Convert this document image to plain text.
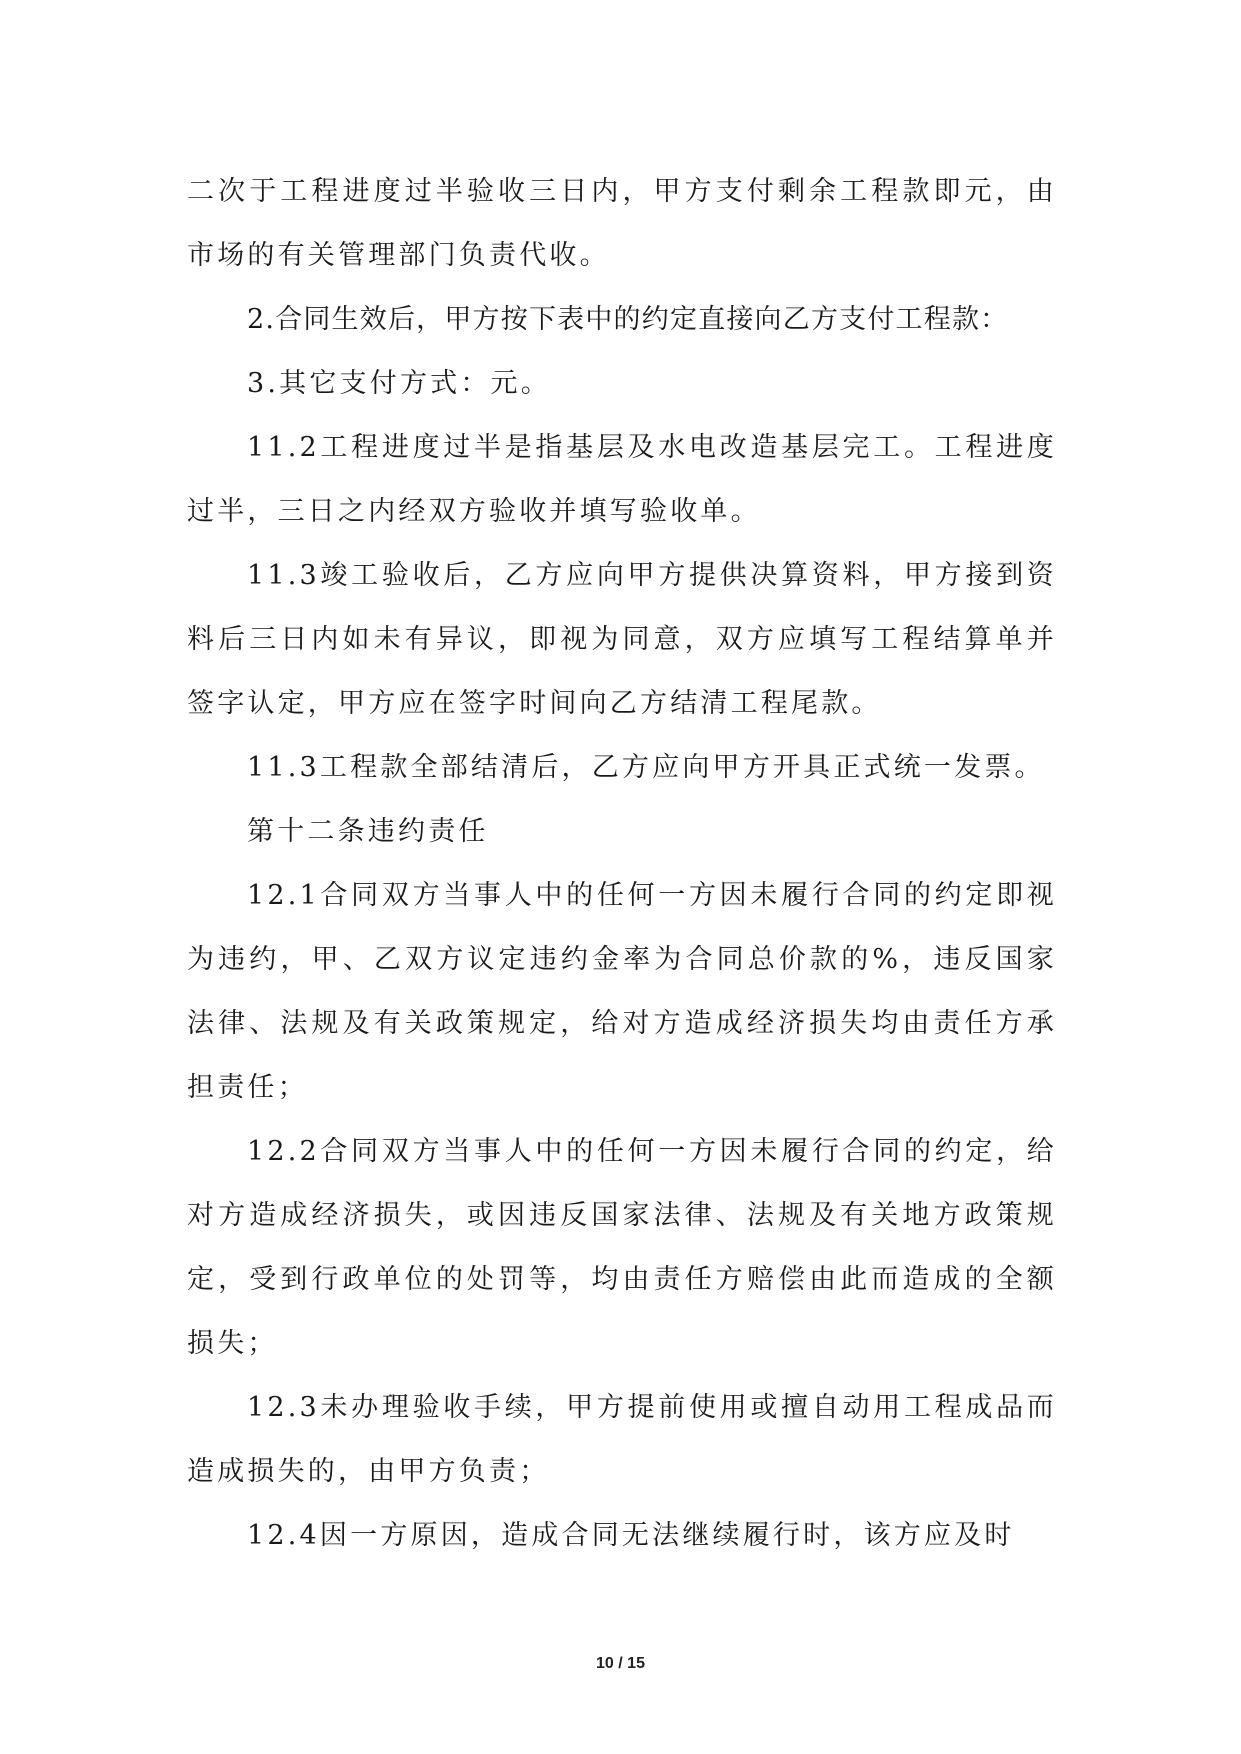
二次于工程进度过半验收三日内，甲方支付剩余工程款即元，由市场的有关管理部门负责代收。

2.合同生效后，甲方按下表中的约定直接向乙方支付工程款：

3.其它支付方式：元。

11.2工程进度过半是指基层及水电改造基层完工。工程进度过半，三日之内经双方验收并填写验收单。

11.3竣工验收后，乙方应向甲方提供决算资料，甲方接到资料后三日内如未有异议，即视为同意，双方应填写工程结算单并签字认定，甲方应在签字时间向乙方结清工程尾款。

11.3工程款全部结清后，乙方应向甲方开具正式统一发票。

第十二条违约责任

12.1合同双方当事人中的任何一方因未履行合同的约定即视为违约，甲、乙双方议定违约金率为合同总价款的%，违反国家法律、法规及有关政策规定，给对方造成经济损失均由责任方承担责任；

12.2合同双方当事人中的任何一方因未履行合同的约定，给对方造成经济损失，或因违反国家法律、法规及有关地方政策规定，受到行政单位的处罚等，均由责任方赔偿由此而造成的全额损失；

12.3未办理验收手续，甲方提前使用或擅自动用工程成品而造成损失的，由甲方负责；

12.4因一方原因，造成合同无法继续履行时，该方应及时

10 / 15
